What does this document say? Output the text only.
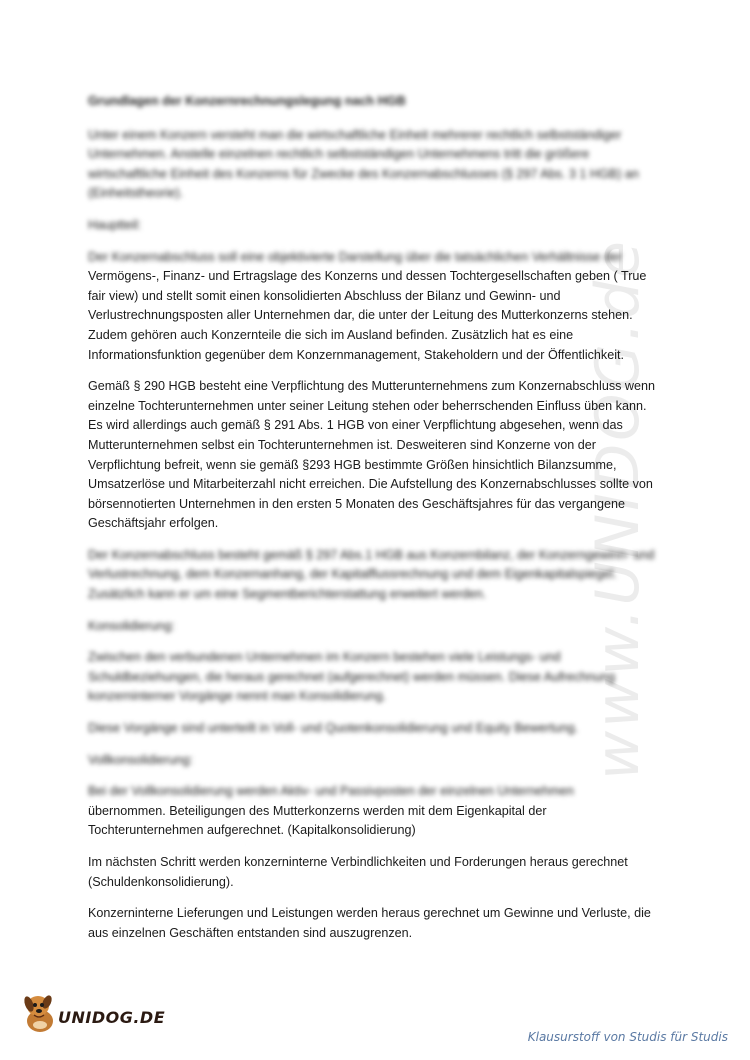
www.UNIDOG.de

Grundlagen der Konzernrechnungslegung nach HGB

Unter einem Konzern versteht man die wirtschaftliche Einheit mehrerer rechtlich selbstständiger
Unternehmen. Anstelle einzelnen rechtlich selbstständigen Unternehmens tritt die größere
wirtschaftliche Einheit des Konzerns für Zwecke des Konzernabschlusses (§ 297 Abs. 3 1 HGB) an
(Einheitstheorie).

Hauptteil:

Der Konzernabschluss soll eine objektivierte Darstellung über die tatsächlichen Verhältnisse der
Vermögens-, Finanz- und Ertragslage des Konzerns und dessen Tochtergesellschaften geben ( True
fair view) und stellt somit einen konsolidierten Abschluss der Bilanz und Gewinn- und
Verlustrechnungsposten aller Unternehmen dar, die unter der Leitung des Mutterkonzerns stehen.
Zudem gehören auch Konzernteile die sich im Ausland befinden. Zusätzlich hat es eine
Informationsfunktion gegenüber dem Konzernmanagement, Stakeholdern und der Öffentlichkeit.

Gemäß § 290 HGB besteht eine Verpflichtung des Mutterunternehmens zum Konzernabschluss wenn
einzelne Tochterunternehmen unter seiner Leitung stehen oder beherrschenden Einfluss üben kann.
Es wird allerdings auch gemäß § 291 Abs. 1 HGB von einer Verpflichtung abgesehen, wenn das
Mutterunternehmen selbst ein Tochterunternehmen ist. Desweiteren sind Konzerne von der
Verpflichtung befreit, wenn sie gemäß §293 HGB bestimmte Größen hinsichtlich Bilanzsumme,
Umsatzerlöse und Mitarbeiterzahl nicht erreichen. Die Aufstellung des Konzernabschlusses sollte von
börsennotierten Unternehmen in den ersten 5 Monaten des Geschäftsjahres für das vergangene
Geschäftsjahr erfolgen.

Der Konzernabschluss besteht gemäß § 297 Abs.1 HGB aus Konzernbilanz, der Konzerngewinn- und
Verlustrechnung, dem Konzernanhang, der Kapitalflussrechnung und dem Eigenkapitalspiegel.
Zusätzlich kann er um eine Segmentberichterstattung erweitert werden.

Konsolidierung:

Zwischen den verbundenen Unternehmen im Konzern bestehen viele Leistungs- und
Schuldbeziehungen, die heraus gerechnet (aufgerechnet) werden müssen. Diese Aufrechnung
konzerninterner Vorgänge nennt man Konsolidierung.

Diese Vorgänge sind unterteilt in Voll- und Quotenkonsolidierung und Equity Bewertung.

Vollkonsolidierung:

Bei der Vollkonsolidierung werden Aktiv- und Passivposten der einzelnen Unternehmen
übernommen. Beteiligungen des Mutterkonzerns werden mit dem Eigenkapital der
Tochterunternehmen aufgerechnet. (Kapitalkonsolidierung)

Im nächsten Schritt werden konzerninterne Verbindlichkeiten und Forderungen heraus gerechnet
(Schuldenkonsolidierung).

Konzerninterne Lieferungen und Leistungen werden heraus gerechnet um Gewinne und Verluste, die
aus einzelnen Geschäften entstanden sind auszugrenzen.

UNIDOG.DE
Klausurstoff von Studis für Studis
